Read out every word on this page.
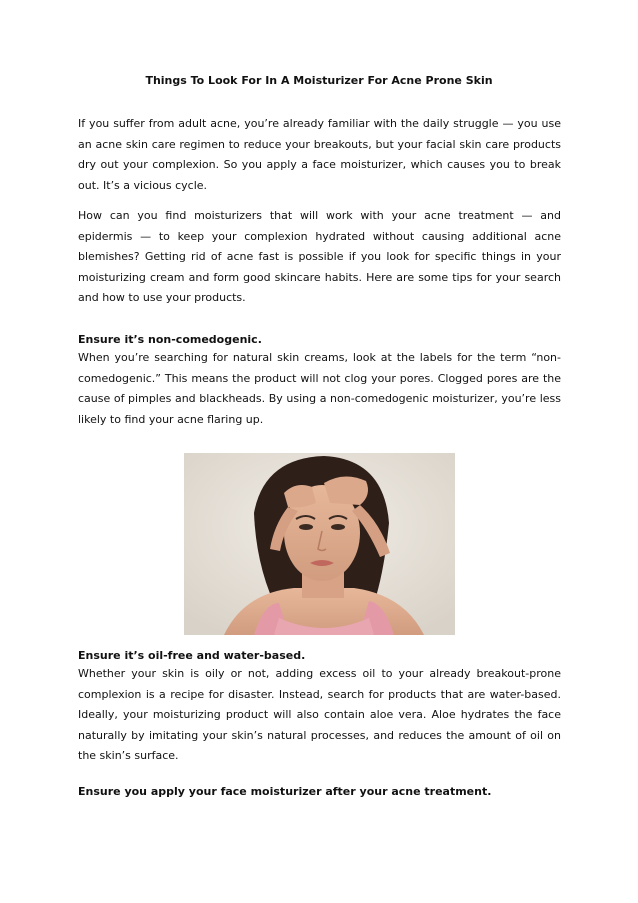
Things To Look For In A Moisturizer For Acne Prone Skin

If you suffer from adult acne, you’re already familiar with the daily struggle — you use an acne skin care regimen to reduce your breakouts, but your facial skin care products dry out your complexion. So you apply a face moisturizer, which causes you to break out. It’s a vicious cycle.

How can you find moisturizers that will work with your acne treatment — and epidermis — to keep your complexion hydrated without causing additional acne blemishes? Getting rid of acne fast is possible if you look for specific things in your moisturizing cream and form good skincare habits. Here are some tips for your search and how to use your products.

Ensure it’s non-comedogenic.

When you’re searching for natural skin creams, look at the labels for the term “non-comedogenic.” This means the product will not clog your pores. Clogged pores are the cause of pimples and blackheads. By using a non-comedogenic moisturizer, you’re less likely to find your acne flaring up.

Ensure it’s oil-free and water-based.

Whether your skin is oily or not, adding excess oil to your already breakout-prone complexion is a recipe for disaster. Instead, search for products that are water-based. Ideally, your moisturizing product will also contain aloe vera. Aloe hydrates the face naturally by imitating your skin’s natural processes, and reduces the amount of oil on the skin’s surface.

Ensure you apply your face moisturizer after your acne treatment.
